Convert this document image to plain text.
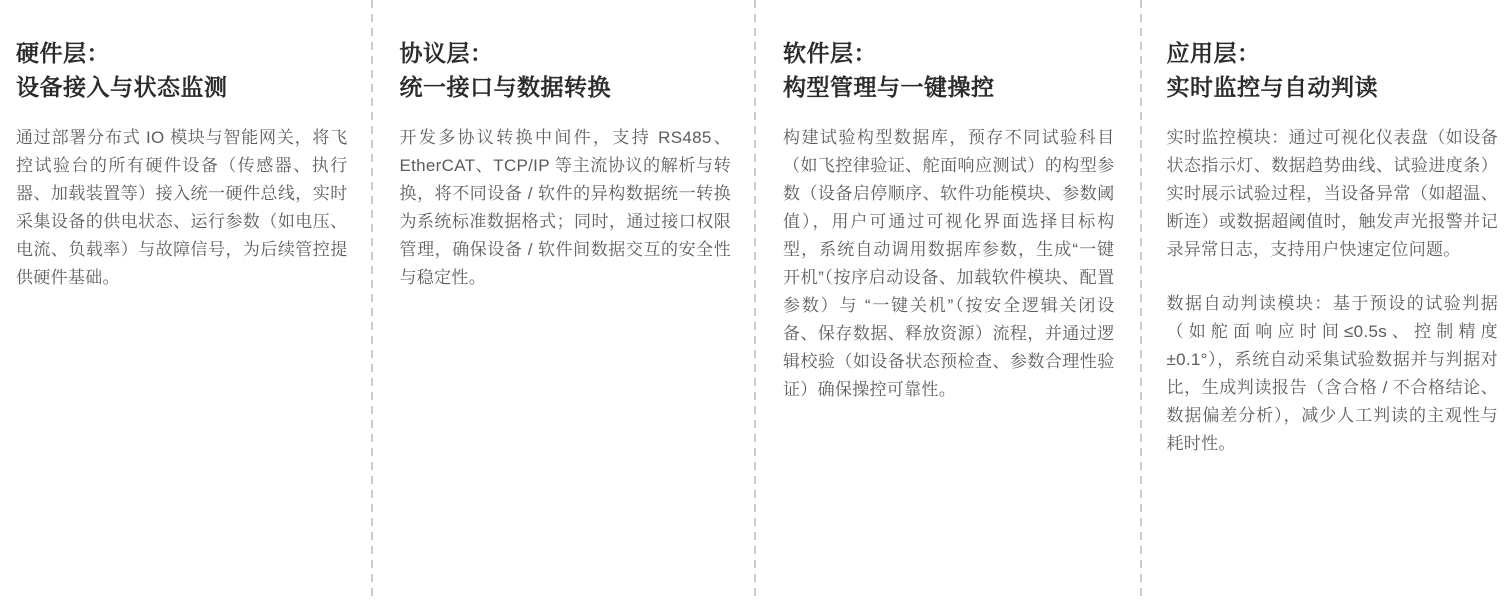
硬件层：
设备接入与状态监测

通过部署分布式 IO 模块与智能网关，将飞控试验台的所有硬件设备（传感器、执行器、加载装置等）接入统一硬件总线，实时采集设备的供电状态、运行参数（如电压、电流、负载率）与故障信号，为后续管控提供硬件基础。

协议层：
统一接口与数据转换

开发多协议转换中间件，支持 RS485、EtherCAT、TCP/IP 等主流协议的解析与转换，将不同设备 / 软件的异构数据统一转换为系统标准数据格式；同时，通过接口权限管理，确保设备 / 软件间数据交互的安全性与稳定性。

软件层：
构型管理与一键操控

构建试验构型数据库，预存不同试验科目（如飞控律验证、舵面响应测试）的构型参数（设备启停顺序、软件功能模块、参数阈值），用户可通过可视化界面选择目标构型，系统自动调用数据库参数，生成“一键开机”（按序启动设备、加载软件模块、配置参数）与 “一键关机”（按安全逻辑关闭设备、保存数据、释放资源）流程，并通过逻辑校验（如设备状态预检查、参数合理性验证）确保操控可靠性。

应用层：
实时监控与自动判读

实时监控模块：通过可视化仪表盘（如设备状态指示灯、数据趋势曲线、试验进度条）实时展示试验过程，当设备异常（如超温、断连）或数据超阈值时，触发声光报警并记录异常日志，支持用户快速定位问题。

数据自动判读模块：基于预设的试验判据（如舵面响应时间≤0.5s、控制精度±0.1°），系统自动采集试验数据并与判据对比，生成判读报告（含合格 / 不合格结论、数据偏差分析），减少人工判读的主观性与耗时性。
